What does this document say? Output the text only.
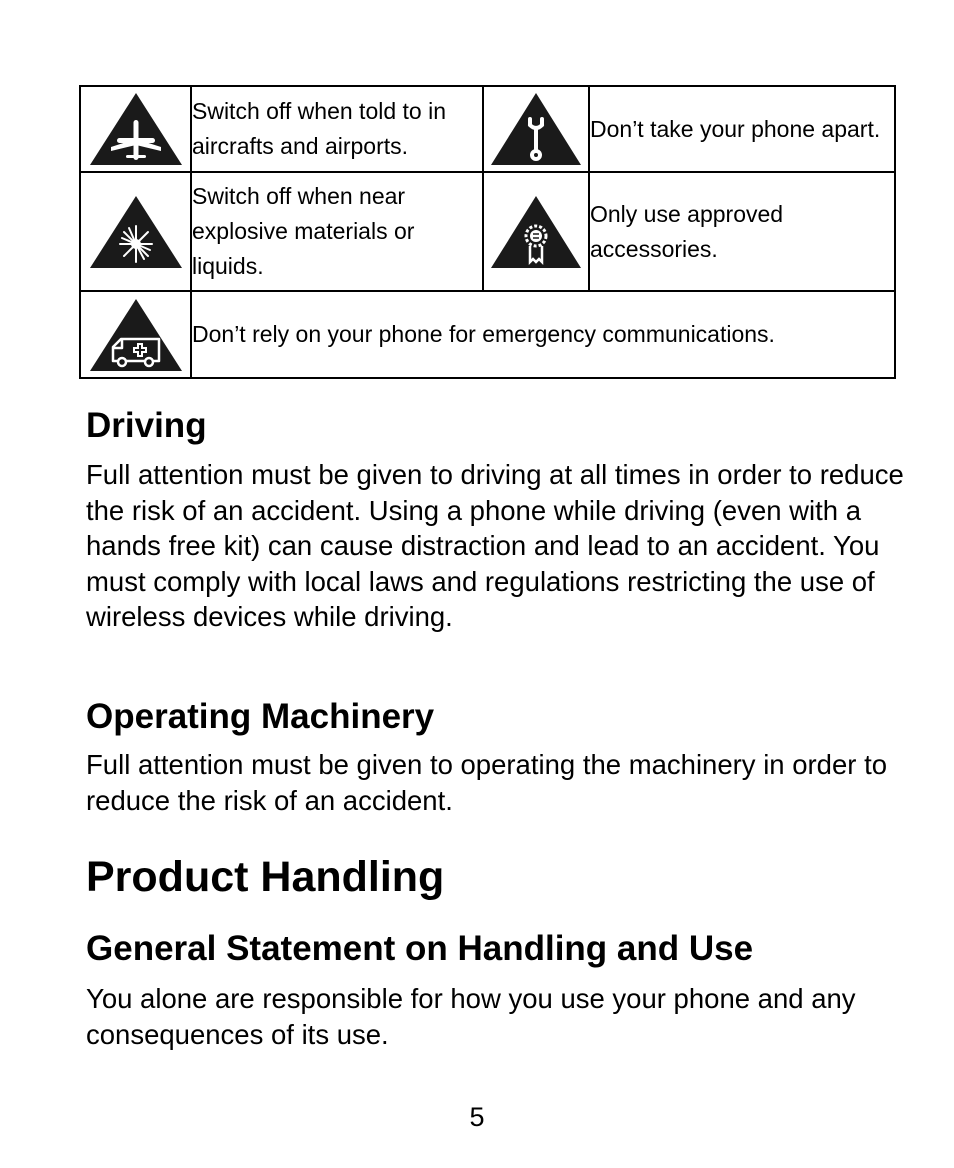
	Switch off when told to in aircrafts and airports.		Don’t take your phone apart.

	Switch off when near explosive materials or liquids.		Only use approved accessories.

	Don’t rely on your phone for emergency communications.		
Driving

Full attention must be given to driving at all times in order to reduce the risk of an accident. Using a phone while driving (even with a hands free kit) can cause distraction and lead to an accident. You must comply with local laws and regulations restricting the use of wireless devices while driving.

Operating Machinery

Full attention must be given to operating the machinery in order to reduce the risk of an accident.

Product Handling
General Statement on Handling and Use

You alone are responsible for how you use your phone and any consequences of its use.

5
